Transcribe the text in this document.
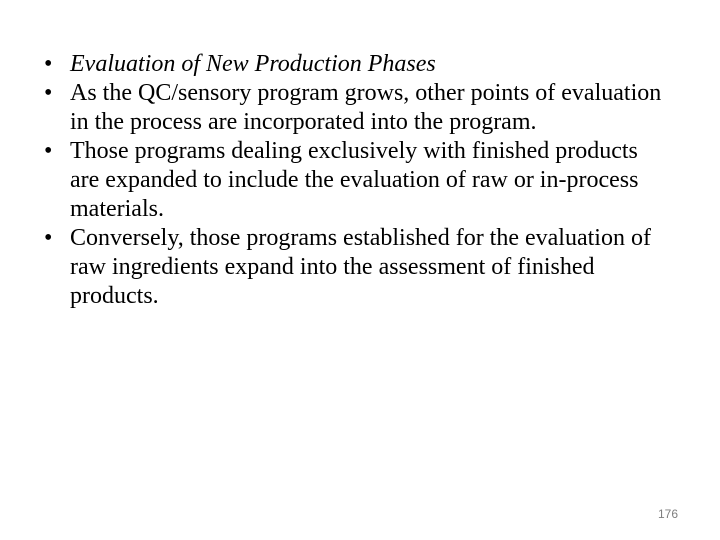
• Evaluation of New Production Phases
• As the QC/sensory program grows, other points of evaluation in the process are incorporated into the program.
• Those programs dealing exclusively with finished products are expanded to include the evaluation of raw or in-process materials.
• Conversely, those programs established for the evaluation of raw ingredients expand into the assessment of finished products.
176
